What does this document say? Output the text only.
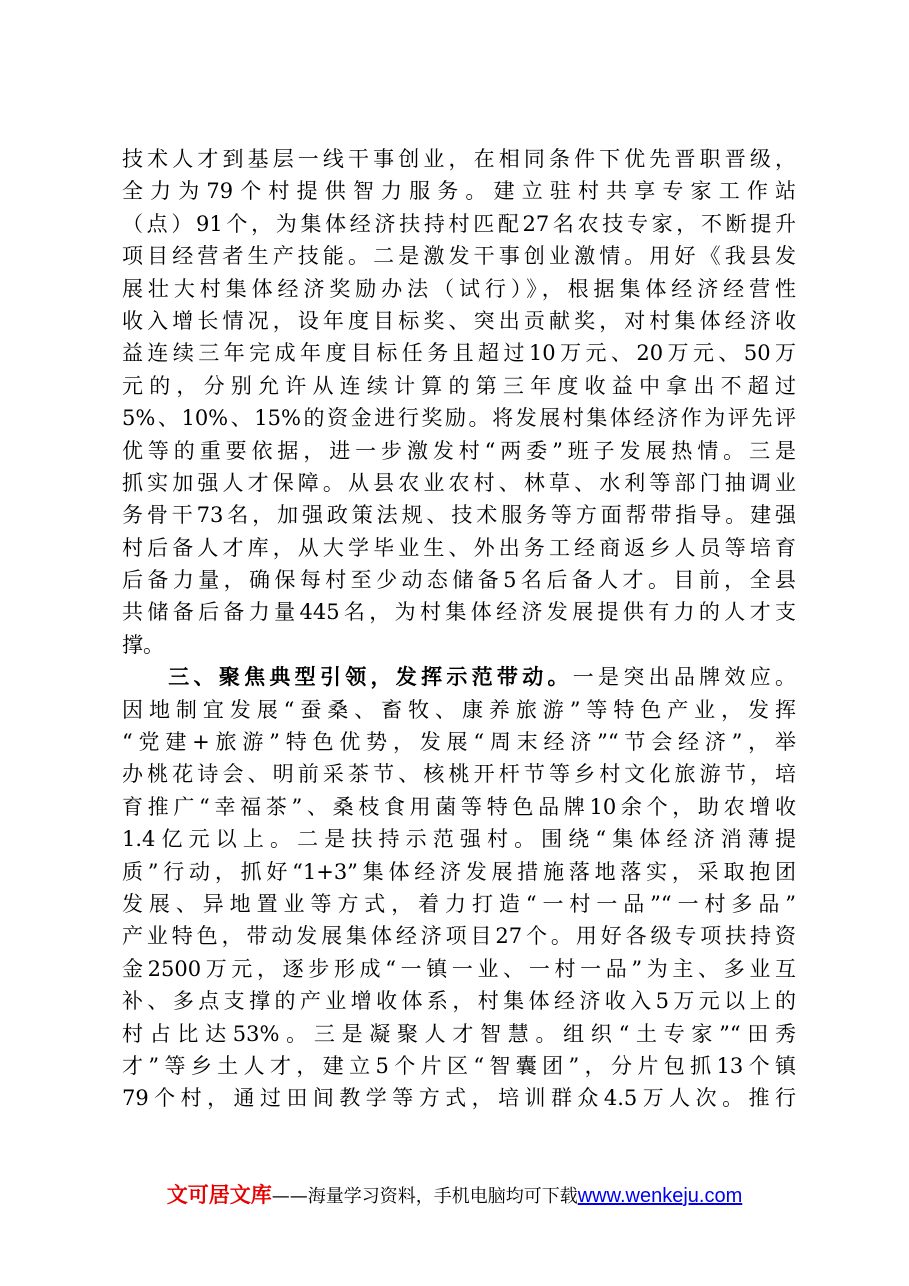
技术人才到基层一线干事创业，在相同条件下优先晋职晋级，
全力为79个村提供智力服务。建立驻村共享专家工作站
（点）91个，为集体经济扶持村匹配27名农技专家，不断提升
项目经营者生产技能。二是激发干事创业激情。用好《我县发
展壮大村集体经济奖励办法（试行）》，根据集体经济经营性
收入增长情况，设年度目标奖、突出贡献奖，对村集体经济收
益连续三年完成年度目标任务且超过10万元、20万元、50万
元的，分别允许从连续计算的第三年度收益中拿出不超过
5%、10%、15%的资金进行奖励。将发展村集体经济作为评先评
优等的重要依据，进一步激发村“两委”班子发展热情。三是
抓实加强人才保障。从县农业农村、林草、水利等部门抽调业
务骨干73名，加强政策法规、技术服务等方面帮带指导。建强
村后备人才库，从大学毕业生、外出务工经商返乡人员等培育
后备力量，确保每村至少动态储备5名后备人才。目前，全县
共储备后备力量445名，为村集体经济发展提供有力的人才支
撑。
三、聚焦典型引领，发挥示范带动。一是突出品牌效应。
因地制宜发展“蚕桑、畜牧、康养旅游”等特色产业，发挥
“党建+旅游”特色优势，发展“周末经济”“节会经济”，举
办桃花诗会、明前采茶节、核桃开杆节等乡村文化旅游节，培
育推广“幸福茶”、桑枝食用菌等特色品牌10余个，助农增收
1.4亿元以上。二是扶持示范强村。围绕“集体经济消薄提
质”行动，抓好“1+3”集体经济发展措施落地落实，采取抱团
发展、异地置业等方式，着力打造“一村一品”“一村多品”
产业特色，带动发展集体经济项目27个。用好各级专项扶持资
金2500万元，逐步形成“一镇一业、一村一品”为主、多业互
补、多点支撑的产业增收体系，村集体经济收入5万元以上的
村占比达53%。三是凝聚人才智慧。组织“土专家”“田秀
才”等乡土人才，建立5个片区“智囊团”，分片包抓13个镇
79个村，通过田间教学等方式，培训群众4.5万人次。推行
文可居文库——海量学习资料，手机电脑均可下载www.wenkeju.com
